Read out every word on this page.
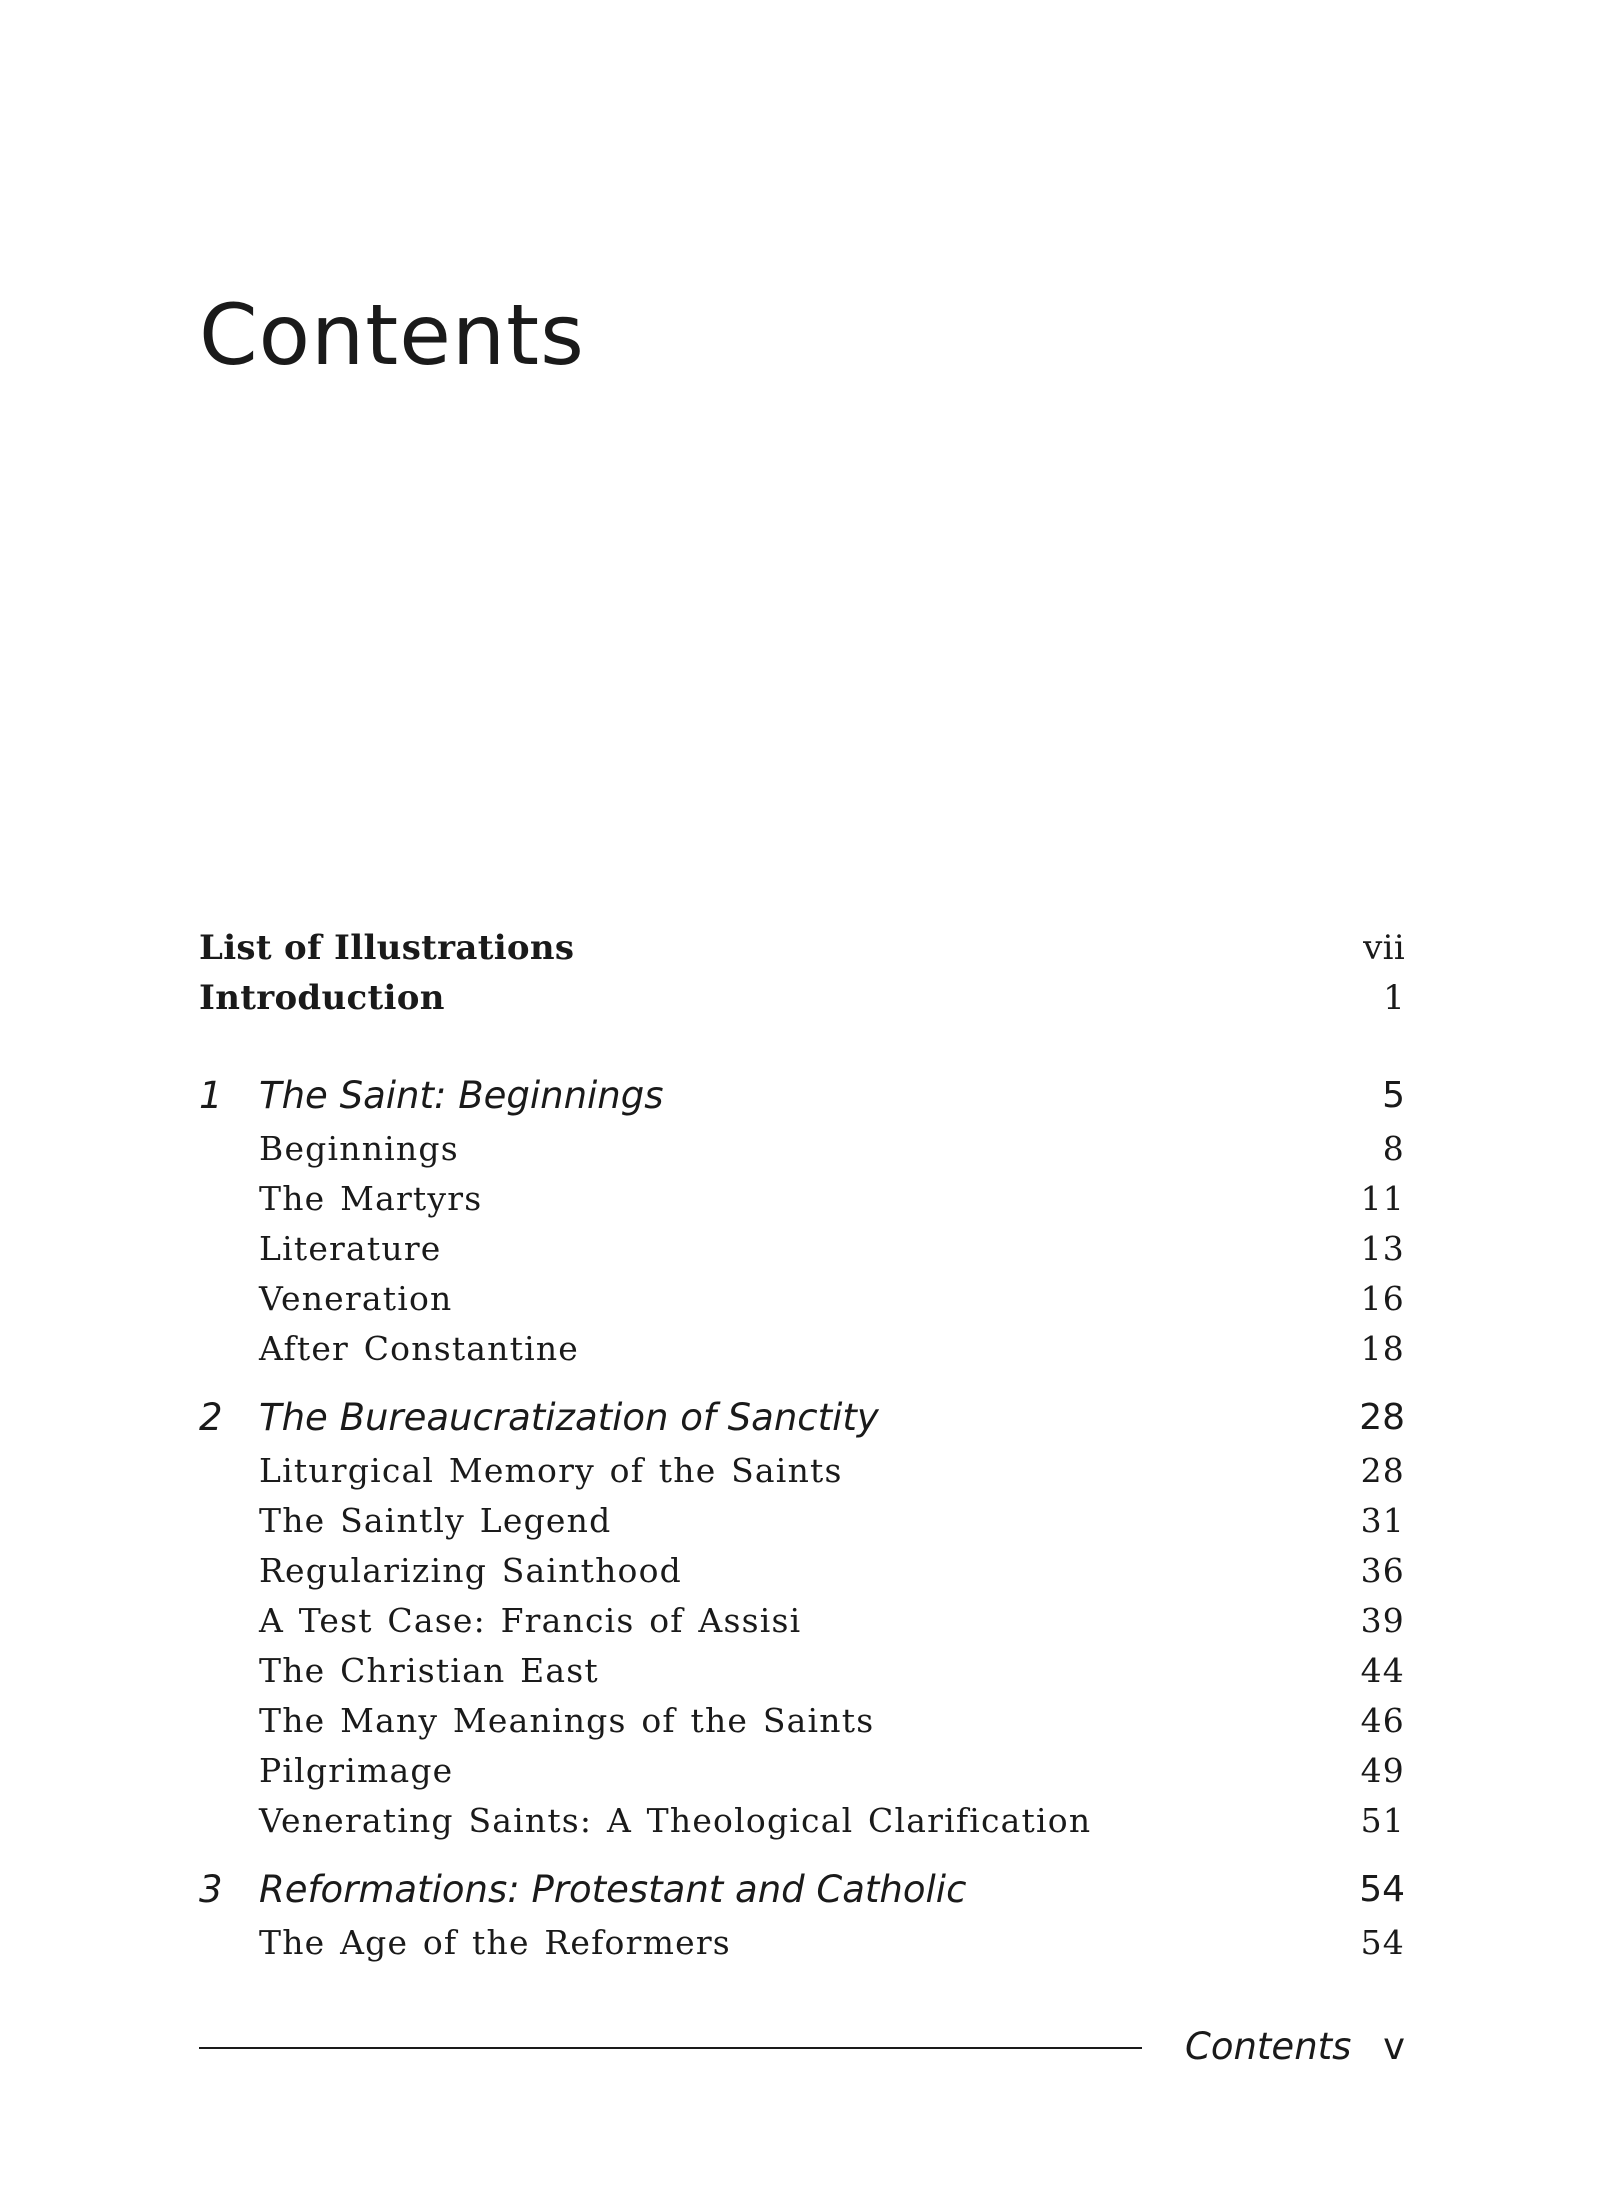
Contents
List of Illustrations	vii
Introduction	1
1 The Saint: Beginnings	5
Beginnings	8
The Martyrs	11
Literature	13
Veneration	16
After Constantine	18
2 The Bureaucratization of Sanctity	28
Liturgical Memory of the Saints	28
The Saintly Legend	31
Regularizing Sainthood	36
A Test Case: Francis of Assisi	39
The Christian East	44
The Many Meanings of the Saints	46
Pilgrimage	49
Venerating Saints: A Theological Clarification	51
3 Reformations: Protestant and Catholic	54
The Age of the Reformers	54
Contents v
